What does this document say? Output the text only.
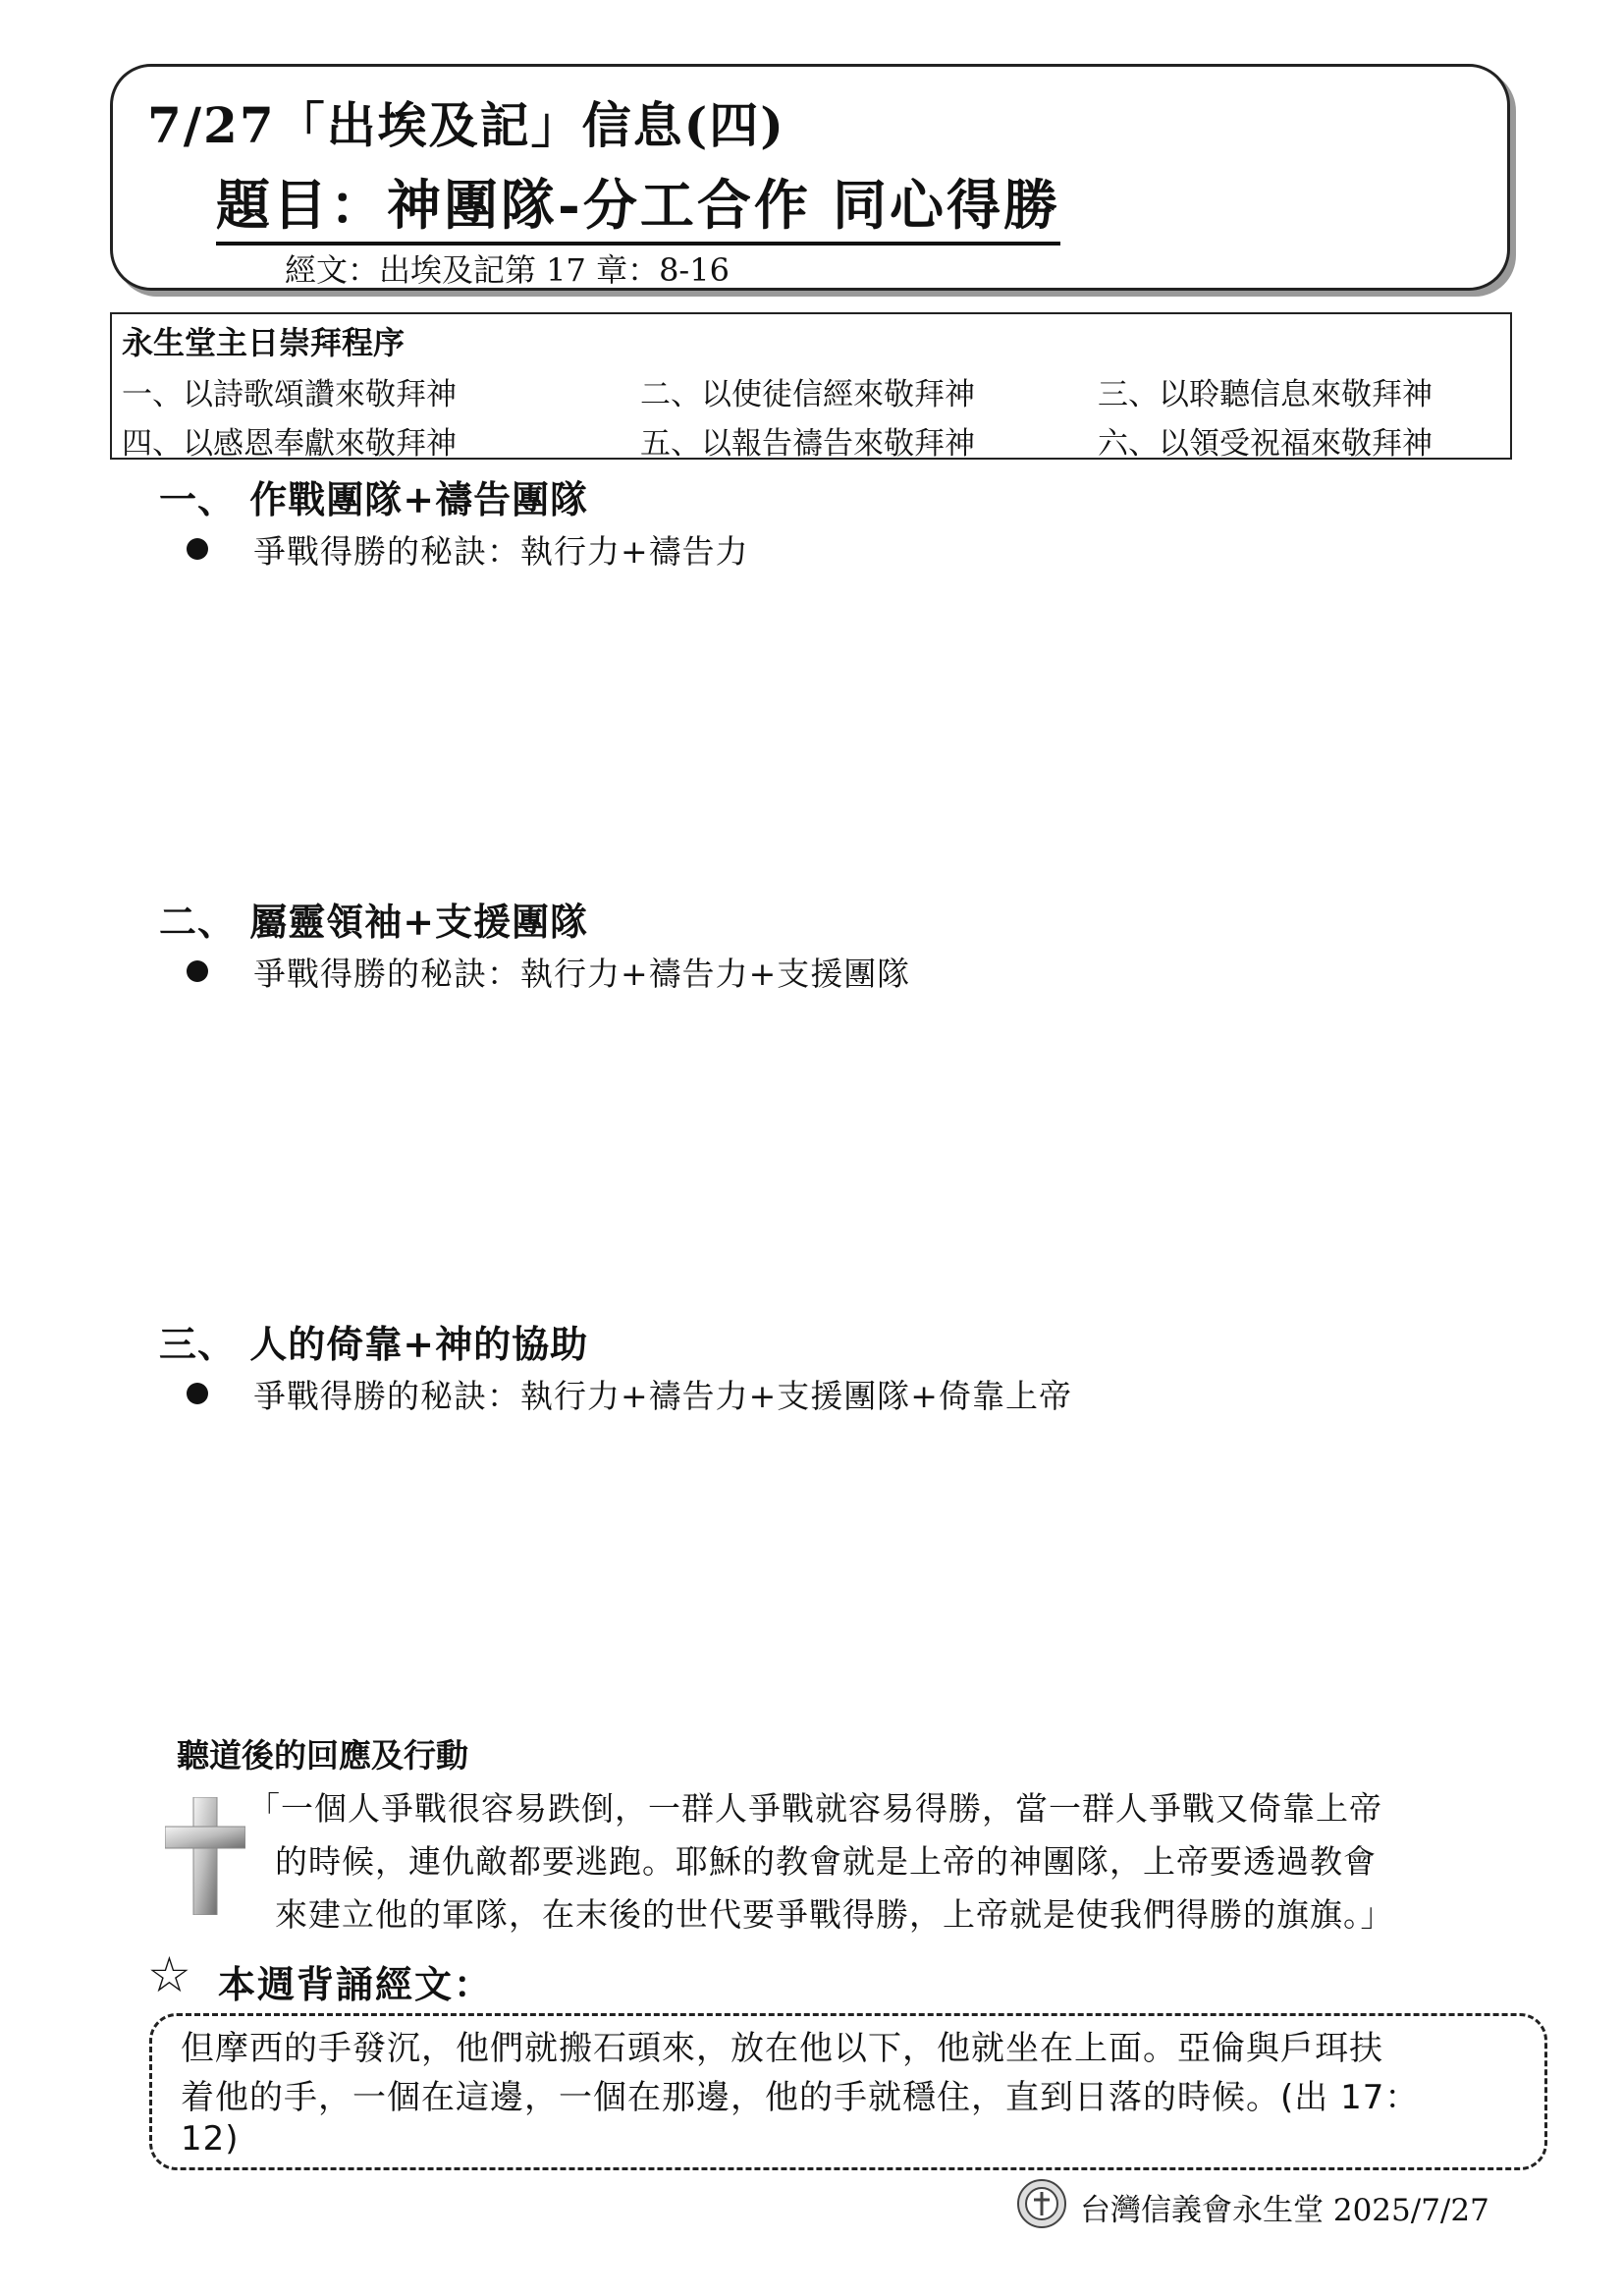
7/27「出埃及記」信息(四)
題目：神團隊-分工合作 同心得勝
經文：出埃及記第 17 章：8-16
永生堂主日崇拜程序
一、以詩歌頌讚來敬拜神	二、以使徒信經來敬拜神	三、以聆聽信息來敬拜神
四、以感恩奉獻來敬拜神	五、以報告禱告來敬拜神	六、以領受祝福來敬拜神
一、 作戰團隊+禱告團隊
爭戰得勝的秘訣：執行力+禱告力
二、 屬靈領袖+支援團隊
爭戰得勝的秘訣：執行力+禱告力+支援團隊
三、 人的倚靠+神的協助
爭戰得勝的秘訣：執行力+禱告力+支援團隊+倚靠上帝
聽道後的回應及行動
「一個人爭戰很容易跌倒，一群人爭戰就容易得勝，當一群人爭戰又倚靠上帝
的時候，連仇敵都要逃跑。耶穌的教會就是上帝的神團隊，上帝要透過教會
來建立他的軍隊，在末後的世代要爭戰得勝，上帝就是使我們得勝的旗旗。」
☆ 本週背誦經文：
但摩西的手發沉，他們就搬石頭來，放在他以下，他就坐在上面。亞倫與戶珥扶
着他的手，一個在這邊，一個在那邊，他的手就穩住，直到日落的時候。(出 17：
12)
台灣信義會永生堂 2025/7/27
